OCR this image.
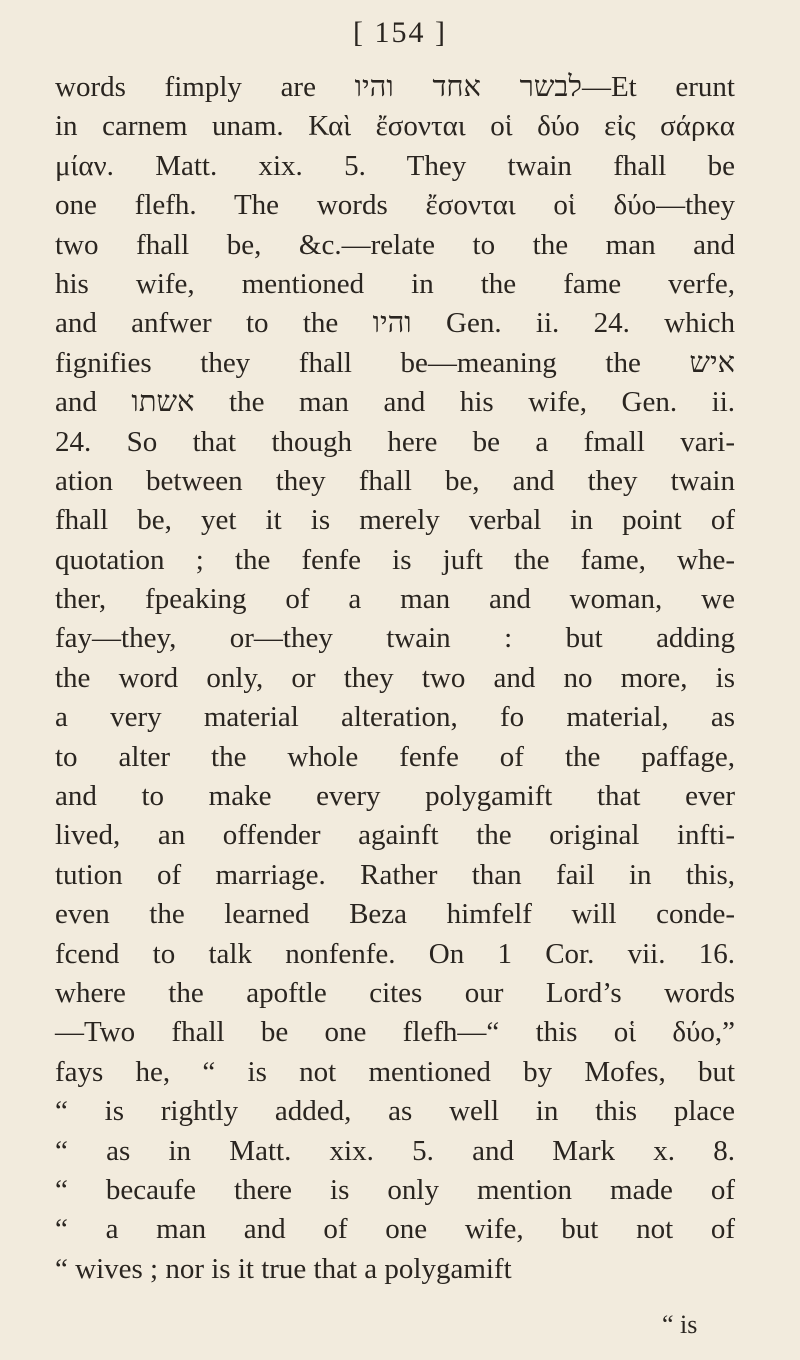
[ 154 ]
words fimply are לבשר אחד והיו—Et erunt
in carnem unam. Καὶ ἔσονται οἱ δύο εἰς σάρκα
μίαν. Matt. xix. 5. They twain fhall be
one flefh. The words ἔσονται οἱ δύο—they
two fhall be, &c.—relate to the man and
his wife, mentioned in the fame verfe,
and anfwer to the והיו Gen. ii. 24. which
fignifies they fhall be—meaning the איש
and אשתו the man and his wife, Gen. ii.
24. So that though here be a fmall vari-
ation between they fhall be, and they twain
fhall be, yet it is merely verbal in point of
quotation ; the fenfe is juft the fame, whe-
ther, fpeaking of a man and woman, we
fay—they, or—they twain : but adding
the word only, or they two and no more, is
a very material alteration, fo material, as
to alter the whole fenfe of the paffage,
and to make every polygamift that ever
lived, an offender againft the original infti-
tution of marriage. Rather than fail in this,
even the learned Beza himfelf will conde-
fcend to talk nonfenfe. On 1 Cor. vii. 16.
where the apoftle cites our Lord’s words
—Two fhall be one flefh—“ this οἱ δύο,”
fays he, “ is not mentioned by Mofes, but
“ is rightly added, as well in this place
“ as in Matt. xix. 5. and Mark x. 8.
“ becaufe there is only mention made of
“ a man and of one wife, but not of
“ wives ; nor is it true that a polygamift
“ is
